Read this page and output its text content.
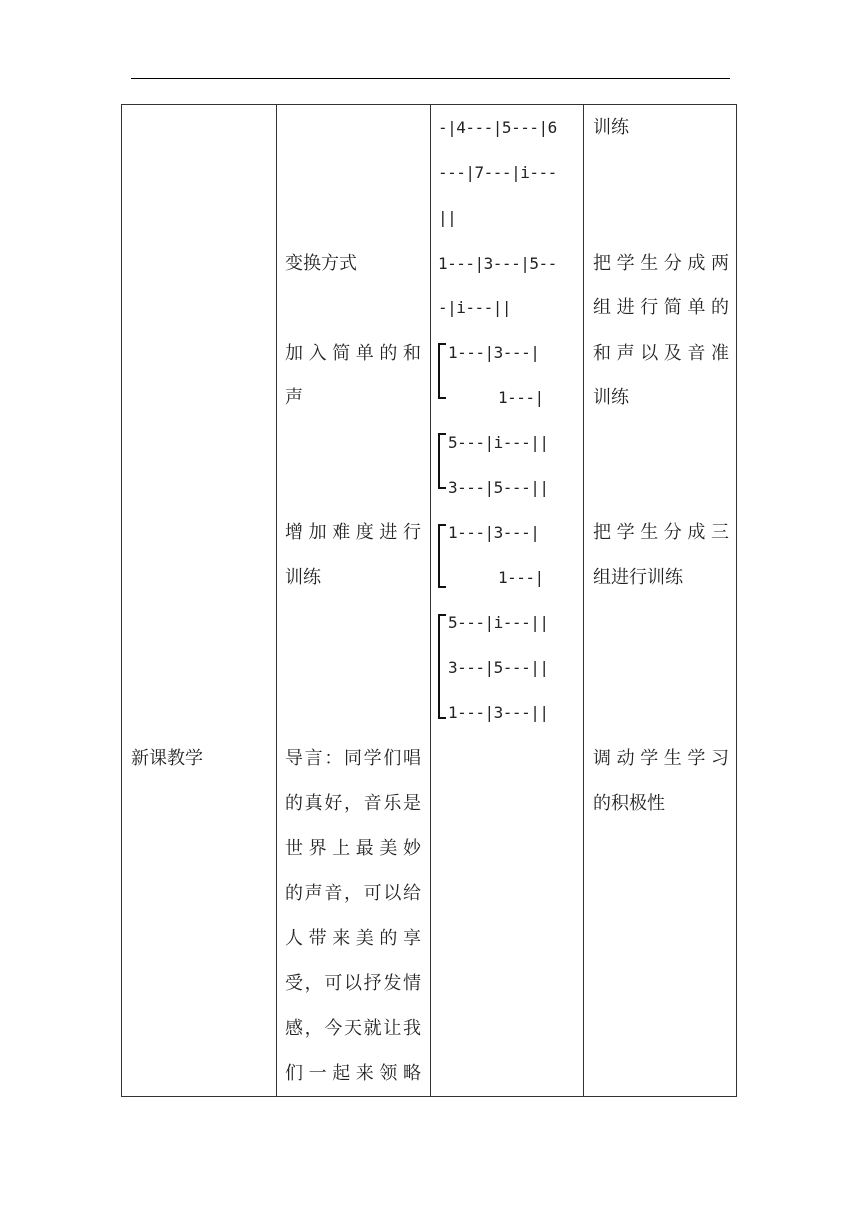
新课教学
变换方式
加入简单的和
声
增加难度进行
训练
导言：同学们唱
的真好，音乐是
世界上最美妙
的声音，可以给
人带来美的享
受，可以抒发情
感，今天就让我
们一起来领略
-|4---|5---|6
---|7---|i---
||
1---|3---|5--
-|i---||
1---|3---|
1---|
5---|i---||
3---|5---||
1---|3---|
1---|
5---|i---||
3---|5---||
1---|3---||
训练
把学生分成两
组进行简单的
和声以及音准
训练
把学生分成三
组进行训练
调动学生学习
的积极性
